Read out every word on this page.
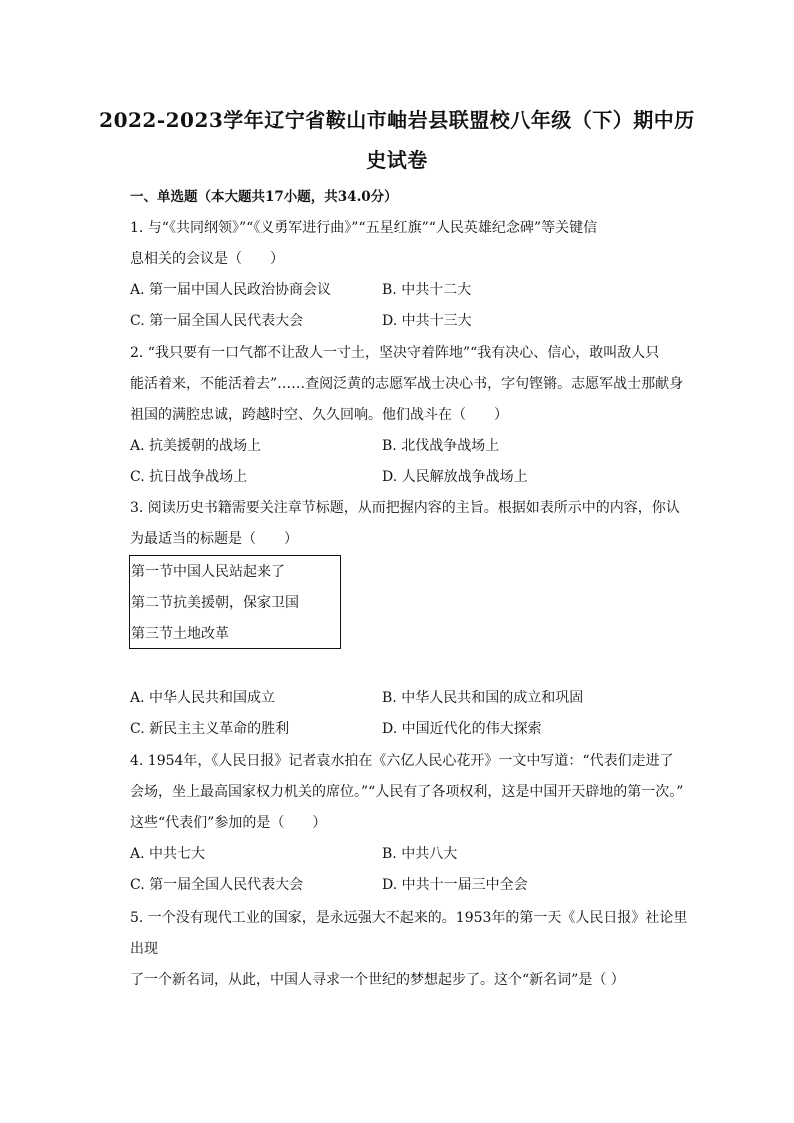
2022-2023学年辽宁省鞍山市岫岩县联盟校八年级（下）期中历
史试卷
一、单选题（本大题共17小题，共34.0分）
1. 与“《共同纲领》”“《义勇军进行曲》”“五星红旗”“人民英雄纪念碑”等关键信
息相关的会议是（　　）
A. 第一届中国人民政治协商会议	B. 中共十二大
C. 第一届全国人民代表大会	D. 中共十三大
2. “我只要有一口气都不让敌人一寸土，坚决守着阵地”“我有决心、信心，敢叫敌人只
能活着来，不能活着去”……查阅泛黄的志愿军战士决心书，字句铿锵。志愿军战士那献身
祖国的满腔忠诚，跨越时空、久久回响。他们战斗在（　　）
A. 抗美援朝的战场上	B. 北伐战争战场上
C. 抗日战争战场上	D. 人民解放战争战场上
3. 阅读历史书籍需要关注章节标题，从而把握内容的主旨。根据如表所示中的内容，你认
为最适当的标题是（　　）
第一节中国人民站起来了
第二节抗美援朝，保家卫国
第三节土地改革
A. 中华人民共和国成立	B. 中华人民共和国的成立和巩固
C. 新民主主义革命的胜利	D. 中国近代化的伟大探索
4. 1954年，《人民日报》记者袁水拍在《六亿人民心花开》一文中写道：“代表们走进了
会场，坐上最高国家权力机关的席位。”“人民有了各项权利，这是中国开天辟地的第一次。”
这些“代表们”参加的是（　　）
A. 中共七大	B. 中共八大
C. 第一届全国人民代表大会	D. 中共十一届三中全会
5. 一个没有现代工业的国家，是永远强大不起来的。1953年的第一天《人民日报》社论里
出现
了一个新名词，从此，中国人寻求一个世纪的梦想起步了。这个“新名词”是（ ）
